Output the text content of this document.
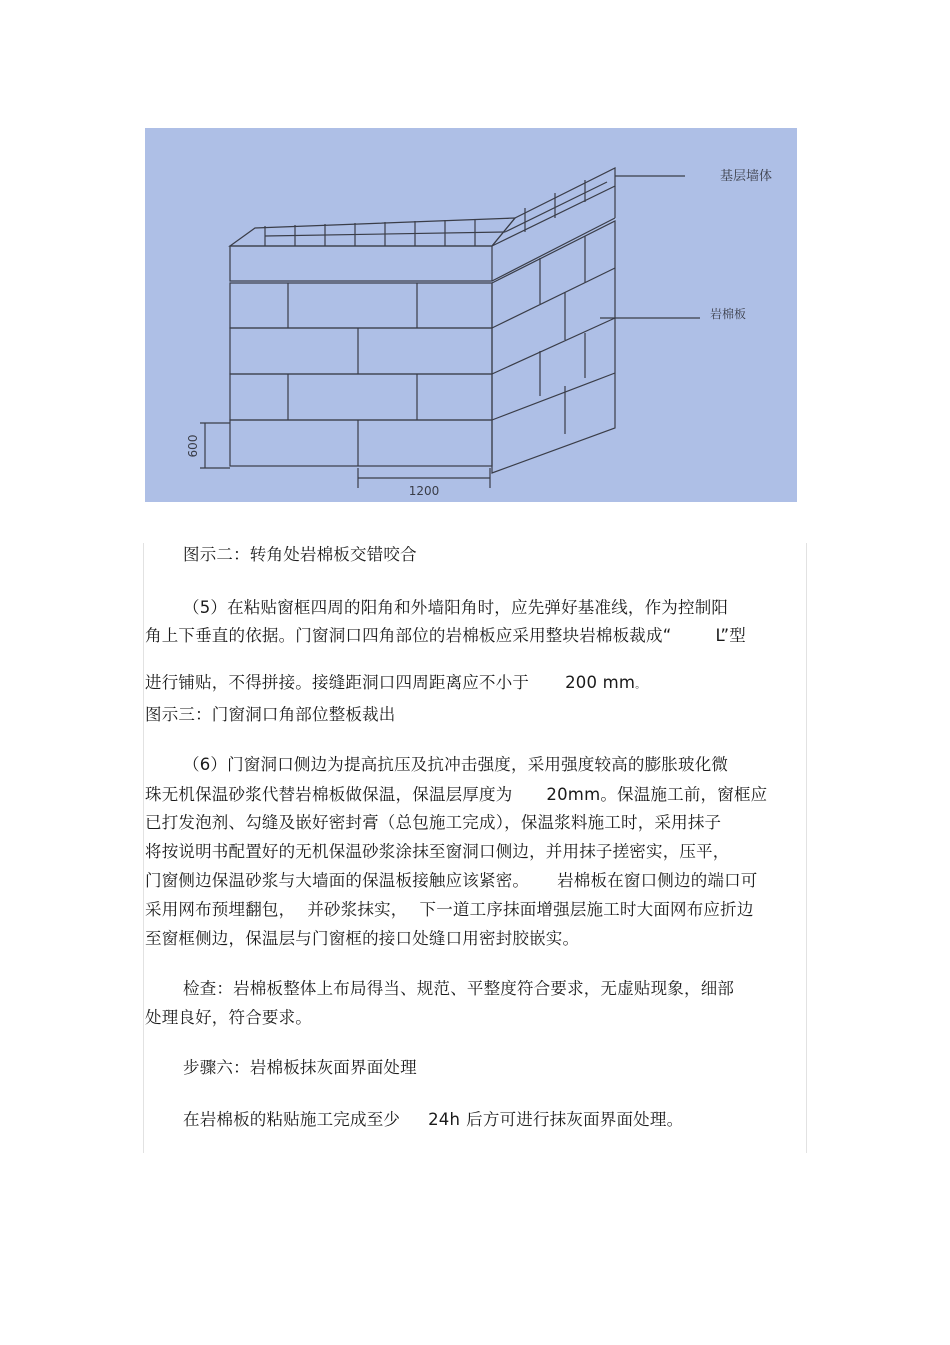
基层墙体
岩棉板
600
1200
图示二：转角处岩棉板交错咬合
（5）在粘贴窗框四周的阳角和外墙阳角时，应先弹好基准线，作为控制阳
角上下垂直的依据。门窗洞口四角部位的岩棉板应采用整块岩棉板裁成“	L”型
进行铺贴，不得拼接。接缝距洞口四周距离应不小于 200 mm。
图示三：门窗洞口角部位整板裁出
（6）门窗洞口侧边为提高抗压及抗冲击强度，采用强度较高的膨胀玻化微
珠无机保温砂浆代替岩棉板做保温，保温层厚度为 20mm。保温施工前，窗框应
已打发泡剂、勾缝及嵌好密封膏（总包施工完成），保温浆料施工时，采用抹子
将按说明书配置好的无机保温砂浆涂抹至窗洞口侧边，并用抹子搓密实，压平，
门窗侧边保温砂浆与大墙面的保温板接触应该紧密。 岩棉板在窗口侧边的端口可
采用网布预埋翻包， 并砂浆抹实， 下一道工序抹面增强层施工时大面网布应折边
至窗框侧边，保温层与门窗框的接口处缝口用密封胶嵌实。
检查：岩棉板整体上布局得当、规范、平整度符合要求，无虚贴现象，细部
处理良好，符合要求。
步骤六：岩棉板抹灰面界面处理
在岩棉板的粘贴施工完成至少 24h 后方可进行抹灰面界面处理。
